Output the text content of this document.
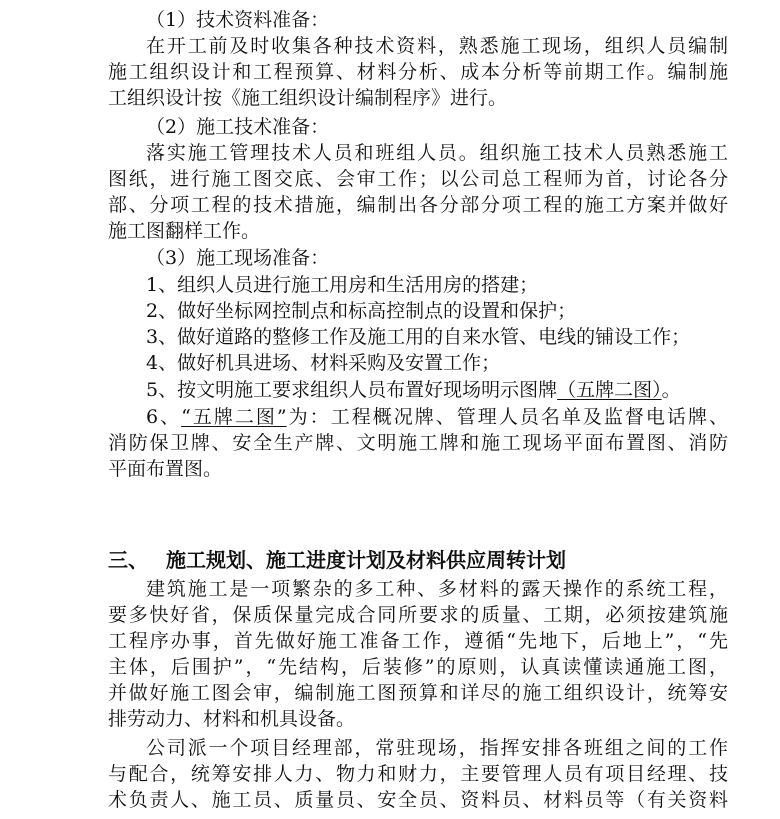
（1）技术资料准备：
在开工前及时收集各种技术资料，熟悉施工现场，组织人员编制
施工组织设计和工程预算、材料分析、成本分析等前期工作。编制施
工组织设计按《施工组织设计编制程序》进行。
（2）施工技术准备：
落实施工管理技术人员和班组人员。组织施工技术人员熟悉施工
图纸，进行施工图交底、会审工作；以公司总工程师为首，讨论各分
部、分项工程的技术措施，编制出各分部分项工程的施工方案并做好
施工图翻样工作。
（3）施工现场准备：
1、组织人员进行施工用房和生活用房的搭建；
2、做好坐标网控制点和标高控制点的设置和保护；
3、做好道路的整修工作及施工用的自来水管、电线的铺设工作；
4、做好机具进场、材料采购及安置工作；
5、按文明施工要求组织人员布置好现场明示图牌（五牌二图）。
6、“五牌二图”为：工程概况牌、管理人员名单及监督电话牌、
消防保卫牌、安全生产牌、文明施工牌和施工现场平面布置图、消防
平面布置图。
三、 施工规划、施工进度计划及材料供应周转计划
建筑施工是一项繁杂的多工种、多材料的露天操作的系统工程，
要多快好省，保质保量完成合同所要求的质量、工期，必须按建筑施
工程序办事，首先做好施工准备工作，遵循“先地下，后地上”，“先
主体，后围护”，“先结构，后装修”的原则，认真读懂读通施工图，
并做好施工图会审，编制施工图预算和详尽的施工组织设计，统筹安
排劳动力、材料和机具设备。
公司派一个项目经理部，常驻现场，指挥安排各班组之间的工作
与配合，统筹安排人力、物力和财力，主要管理人员有项目经理、技
术负责人、施工员、质量员、安全员、资料员、材料员等（有关资料
